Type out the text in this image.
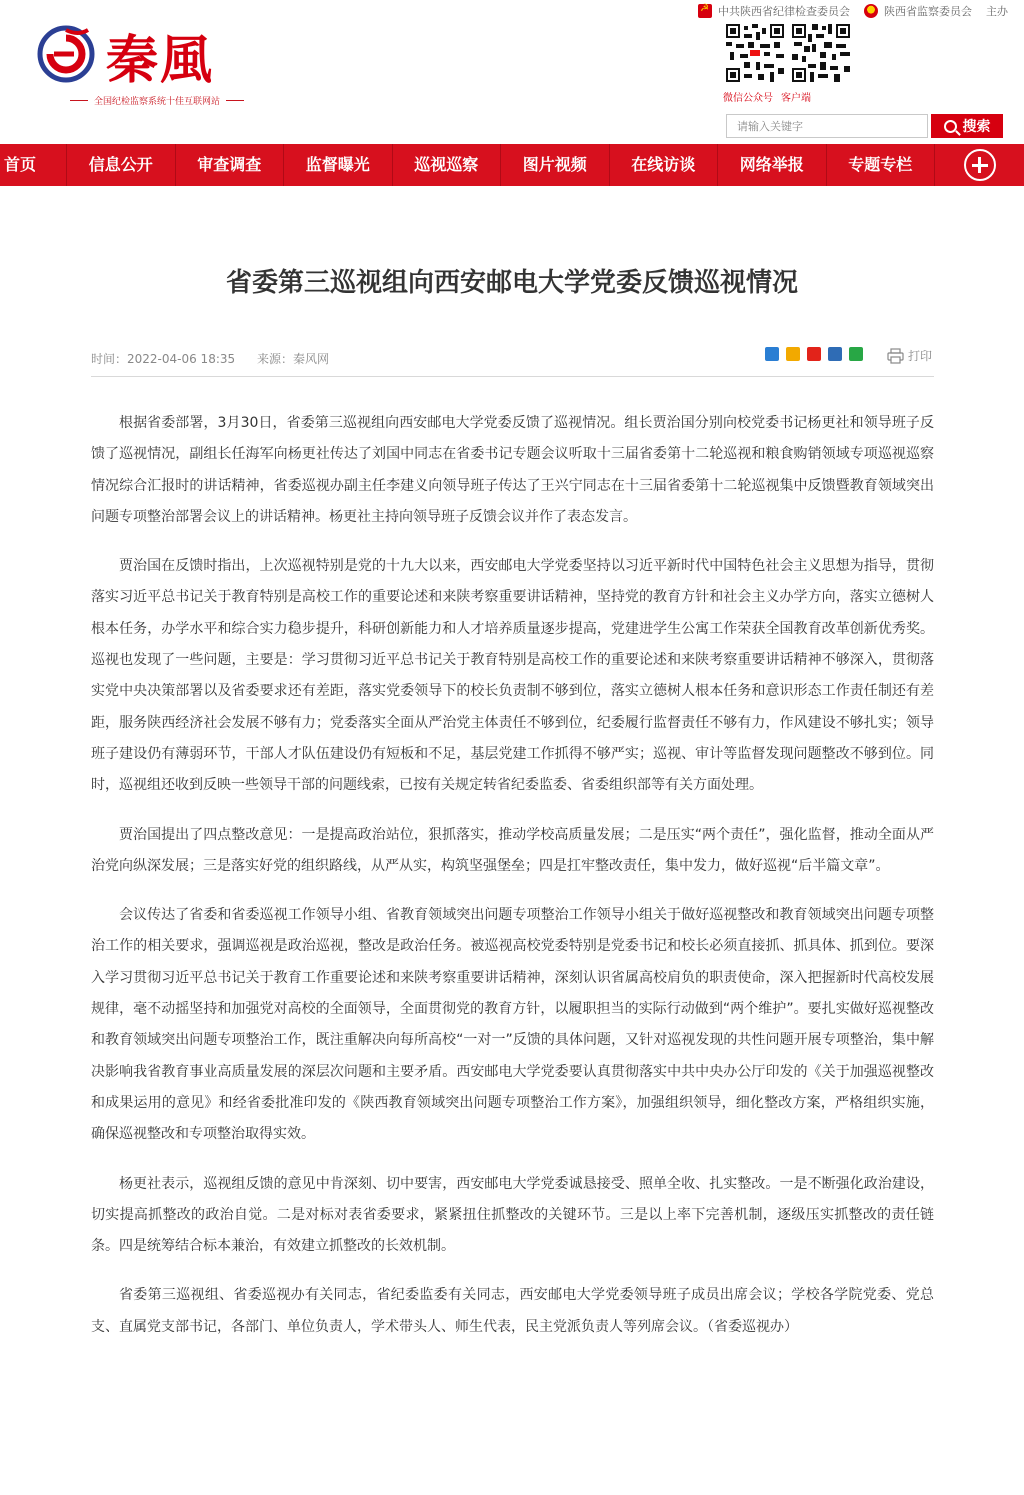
☭
中共陕西省纪律检查委员会	陕西省监察委员会 主办
秦風
全国纪检监察系统十佳互联网站	微信公众号 客户端
请输入关键字
搜索
首页	信息公开	审查调查	监督曝光	巡视巡察	图片视频	在线访谈	网络举报	专题专栏
省委第三巡视组向西安邮电大学党委反馈巡视情况
时间：2022-04-06 18:35 来源：秦风网	打印

根据省委部署，3月30日，省委第三巡视组向西安邮电大学党委反馈了巡视情况。组长贾治国分别向校党委书记杨更社和领导班子反馈了巡视情况，副组长任海军向杨更社传达了刘国中同志在省委书记专题会议听取十三届省委第十二轮巡视和粮食购销领域专项巡视巡察情况综合汇报时的讲话精神，省委巡视办副主任李建义向领导班子传达了王兴宁同志在十三届省委第十二轮巡视集中反馈暨教育领域突出问题专项整治部署会议上的讲话精神。杨更社主持向领导班子反馈会议并作了表态发言。

贾治国在反馈时指出，上次巡视特别是党的十九大以来，西安邮电大学党委坚持以习近平新时代中国特色社会主义思想为指导，贯彻落实习近平总书记关于教育特别是高校工作的重要论述和来陕考察重要讲话精神，坚持党的教育方针和社会主义办学方向，落实立德树人根本任务，办学水平和综合实力稳步提升，科研创新能力和人才培养质量逐步提高，党建进学生公寓工作荣获全国教育改革创新优秀奖。巡视也发现了一些问题，主要是：学习贯彻习近平总书记关于教育特别是高校工作的重要论述和来陕考察重要讲话精神不够深入，贯彻落实党中央决策部署以及省委要求还有差距，落实党委领导下的校长负责制不够到位，落实立德树人根本任务和意识形态工作责任制还有差距，服务陕西经济社会发展不够有力；党委落实全面从严治党主体责任不够到位，纪委履行监督责任不够有力，作风建设不够扎实；领导班子建设仍有薄弱环节，干部人才队伍建设仍有短板和不足，基层党建工作抓得不够严实；巡视、审计等监督发现问题整改不够到位。同时，巡视组还收到反映一些领导干部的问题线索，已按有关规定转省纪委监委、省委组织部等有关方面处理。

贾治国提出了四点整改意见：一是提高政治站位，狠抓落实，推动学校高质量发展；二是压实“两个责任”，强化监督，推动全面从严治党向纵深发展；三是落实好党的组织路线，从严从实，构筑坚强堡垒；四是扛牢整改责任，集中发力，做好巡视“后半篇文章”。

会议传达了省委和省委巡视工作领导小组、省教育领域突出问题专项整治工作领导小组关于做好巡视整改和教育领域突出问题专项整治工作的相关要求，强调巡视是政治巡视，整改是政治任务。被巡视高校党委特别是党委书记和校长必须直接抓、抓具体、抓到位。要深入学习贯彻习近平总书记关于教育工作重要论述和来陕考察重要讲话精神，深刻认识省属高校肩负的职责使命，深入把握新时代高校发展规律，毫不动摇坚持和加强党对高校的全面领导，全面贯彻党的教育方针，以履职担当的实际行动做到“两个维护”。要扎实做好巡视整改和教育领域突出问题专项整治工作，既注重解决向每所高校“一对一”反馈的具体问题，又针对巡视发现的共性问题开展专项整治，集中解决影响我省教育事业高质量发展的深层次问题和主要矛盾。西安邮电大学党委要认真贯彻落实中共中央办公厅印发的《关于加强巡视整改和成果运用的意见》和经省委批准印发的《陕西教育领域突出问题专项整治工作方案》，加强组织领导，细化整改方案，严格组织实施，确保巡视整改和专项整治取得实效。

杨更社表示，巡视组反馈的意见中肯深刻、切中要害，西安邮电大学党委诚恳接受、照单全收、扎实整改。一是不断强化政治建设，切实提高抓整改的政治自觉。二是对标对表省委要求，紧紧扭住抓整改的关键环节。三是以上率下完善机制，逐级压实抓整改的责任链条。四是统筹结合标本兼治，有效建立抓整改的长效机制。

省委第三巡视组、省委巡视办有关同志，省纪委监委有关同志，西安邮电大学党委领导班子成员出席会议；学校各学院党委、党总支、直属党支部书记，各部门、单位负责人，学术带头人、师生代表，民主党派负责人等列席会议。（省委巡视办）
